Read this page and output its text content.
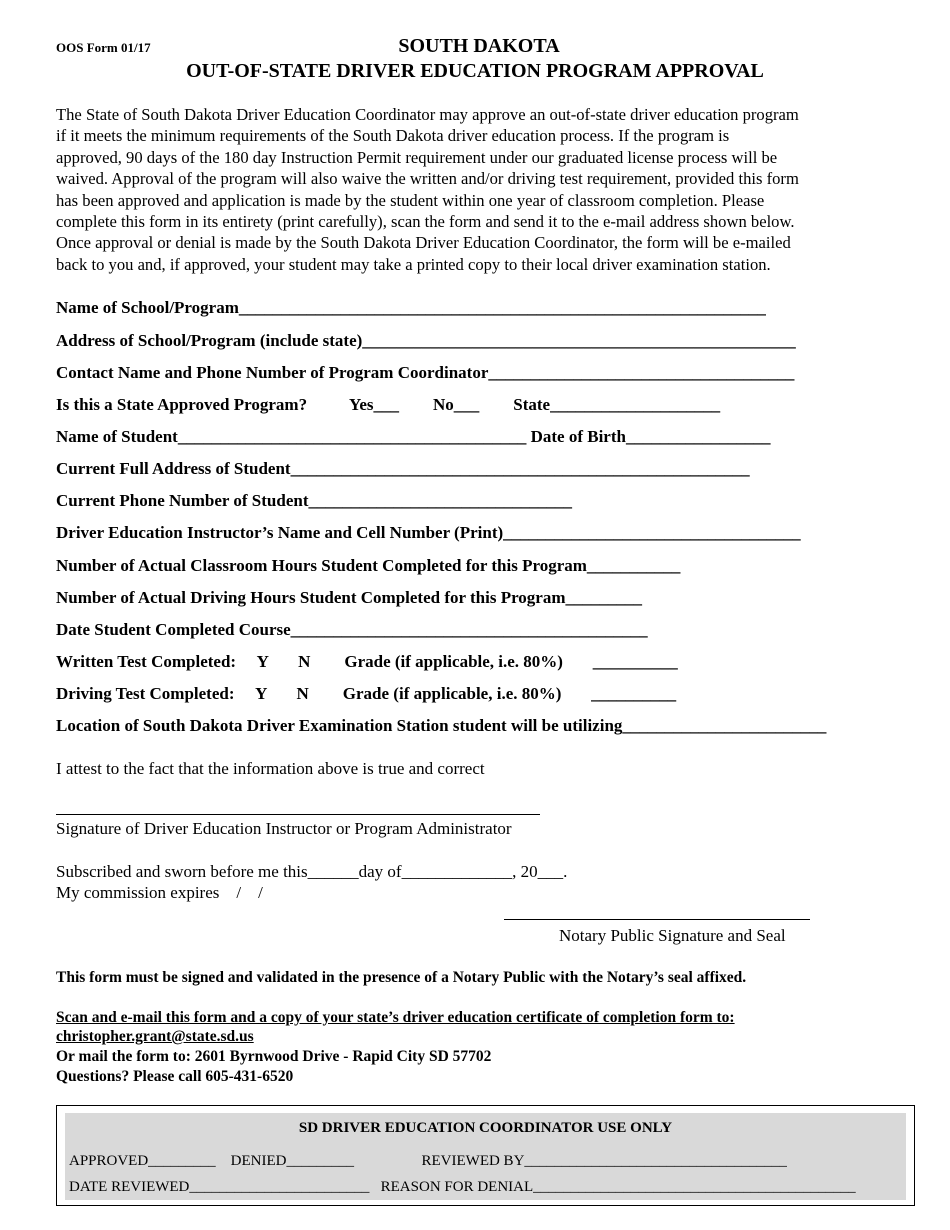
OOS Form 01/17	SOUTH DAKOTA
OUT-OF-STATE DRIVER EDUCATION PROGRAM APPROVAL
The State of South Dakota Driver Education Coordinator may approve an out-of-state driver education program
if it meets the minimum requirements of the South Dakota driver education process. If the program is
approved, 90 days of the 180 day Instruction Permit requirement under our graduated license process will be
waived. Approval of the program will also waive the written and/or driving test requirement, provided this form
has been approved and application is made by the student within one year of classroom completion. Please
complete this form in its entirety (print carefully), scan the form and send it to the e-mail address shown below.
Once approval or denial is made by the South Dakota Driver Education Coordinator, the form will be e-mailed
back to you and, if approved, your student may take a printed copy to their local driver examination station.
Name of School/Program______________________________________________________________
Address of School/Program (include state)___________________________________________________
Contact Name and Phone Number of Program Coordinator____________________________________
Is this a State Approved Program?          Yes___        No___        State____________________
Name of Student_________________________________________ Date of Birth_________________
Current Full Address of Student______________________________________________________
Current Phone Number of Student_______________________________
Driver Education Instructor’s Name and Cell Number (Print)___________________________________
Number of Actual Classroom Hours Student Completed for this Program___________
Number of Actual Driving Hours Student Completed for this Program_________
Date Student Completed Course__________________________________________
Written Test Completed:     Y       N        Grade (if applicable, i.e. 80%)       __________
Driving Test Completed:     Y       N        Grade (if applicable, i.e. 80%)       __________
Location of South Dakota Driver Examination Station student will be utilizing________________________
I attest to the fact that the information above is true and correct
Signature of Driver Education Instructor or Program Administrator
Subscribed and sworn before me this______day of_____________, 20___.
My commission expires    /    /
Notary Public Signature and Seal
This form must be signed and validated in the presence of a Notary Public with the Notary’s seal affixed.
Scan and e-mail this form and a copy of your state’s driver education certificate of completion form to:
christopher.grant@state.sd.us
Or mail the form to: 2601 Byrnwood Drive - Rapid City SD 57702
Questions? Please call 605-431-6520
SD DRIVER EDUCATION COORDINATOR USE ONLY
APPROVED_________    DENIED_________                  REVIEWED BY___________________________________
DATE REVIEWED________________________   REASON FOR DENIAL___________________________________________
